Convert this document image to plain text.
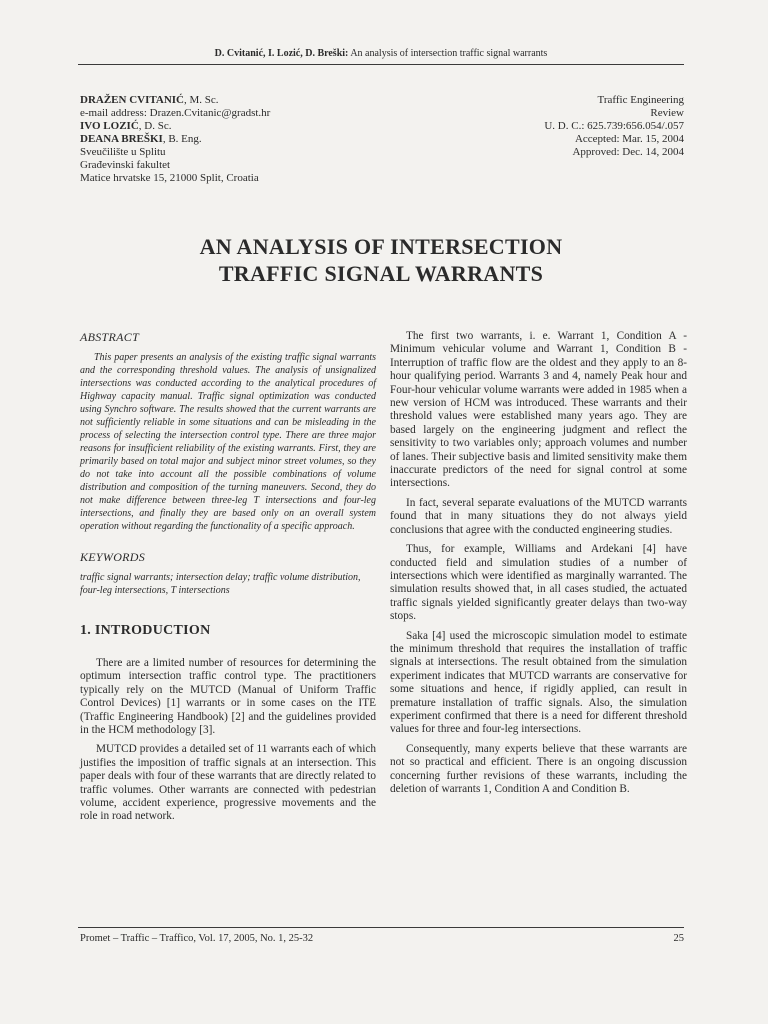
D. Cvitanić, I. Lozić, D. Breški: An analysis of intersection traffic signal warrants
DRAŽEN CVITANIĆ, M. Sc.
e-mail address: Drazen.Cvitanic@gradst.hr
IVO LOZIĆ, D. Sc.
DEANA BREŠKI, B. Eng.
Sveučilište u Splitu
Građevinski fakultet
Matice hrvatske 15, 21000 Split, Croatia
Traffic Engineering
Review
U. D. C.: 625.739:656.054/.057
Accepted: Mar. 15, 2004
Approved: Dec. 14, 2004
AN ANALYSIS OF INTERSECTION
TRAFFIC SIGNAL WARRANTS
ABSTRACT

This paper presents an analysis of the existing traffic signal warrants and the corresponding threshold values. The analysis of unsignalized intersections was conducted according to the analytical procedures of Highway capacity manual. Traffic signal optimization was conducted using Synchro software. The results showed that the current warrants are not sufficiently reliable in some situations and can be misleading in the process of selecting the intersection control type. There are three major reasons for insufficient reliability of the existing warrants. First, they are primarily based on total major and subject minor street volumes, so they do not take into account all the possible combinations of volume distribution and composition of the turning maneuvers. Second, they do not make difference between three-leg T intersections and four-leg intersections, and finally they are based only on an overall system operation without regarding the functionality of a specific approach.

KEYWORDS

traffic signal warrants; intersection delay; traffic volume distribution, four-leg intersections, T intersections

1. INTRODUCTION

There are a limited number of resources for determining the optimum intersection traffic control type. The practitioners typically rely on the MUTCD (Manual of Uniform Traffic Control Devices) [1] warrants or in some cases on the ITE (Traffic Engineering Handbook) [2] and the guidelines provided in the HCM methodology [3].

MUTCD provides a detailed set of 11 warrants each of which justifies the imposition of traffic signals at an intersection. This paper deals with four of these warrants that are directly related to traffic volumes. Other warrants are connected with pedestrian volume, accident experience, progressive movements and the role in road network.

The first two warrants, i. e. Warrant 1, Condition A - Minimum vehicular volume and Warrant 1, Condition B - Interruption of traffic flow are the oldest and they apply to an 8-hour qualifying period. Warrants 3 and 4, namely Peak hour and Four-hour vehicular volume warrants were added in 1985 when a new version of HCM was introduced. These warrants and their threshold values were established many years ago. They are based largely on the engineering judgment and reflect the sensitivity to two variables only; approach volumes and number of lanes. Their subjective basis and limited sensitivity make them inaccurate predictors of the need for signal control at some intersections.

In fact, several separate evaluations of the MUTCD warrants found that in many situations they do not always yield conclusions that agree with the conducted engineering studies.

Thus, for example, Williams and Ardekani [4] have conducted field and simulation studies of a number of intersections which were identified as marginally warranted. The simulation results showed that, in all cases studied, the actuated traffic signals yielded significantly greater delays than two-way stops.

Saka [4] used the microscopic simulation model to estimate the minimum threshold that requires the installation of traffic signals at intersections. The result obtained from the simulation experiment indicates that MUTCD warrants are conservative for some situations and hence, if rigidly applied, can result in premature installation of traffic signals. Also, the simulation experiment confirmed that there is a need for different threshold values for three and four-leg intersections.

Consequently, many experts believe that these warrants are not so practical and efficient. There is an ongoing discussion concerning further revisions of these warrants, including the deletion of warrants 1, Condition A and Condition B.

Promet – Traffic – Traffico, Vol. 17, 2005, No. 1, 25-32	25
